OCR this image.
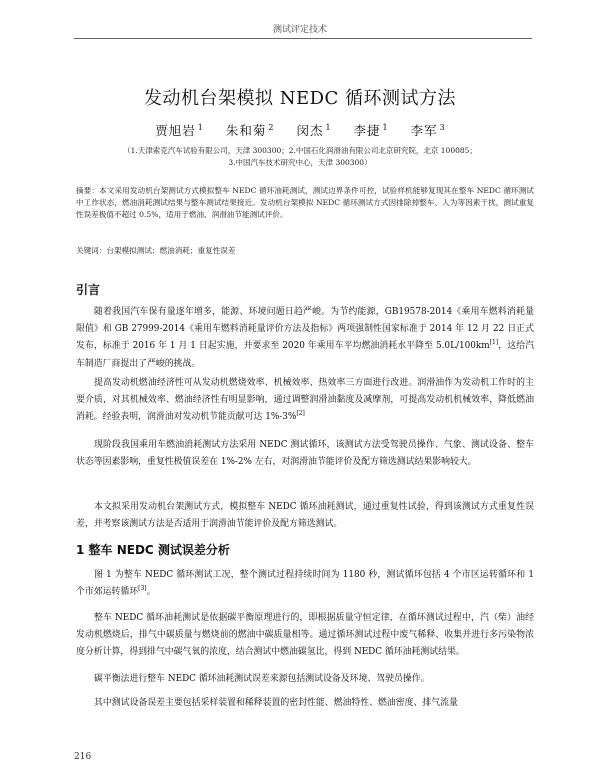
测试评定技术
发动机台架模拟 NEDC 循环测试方法
贾旭岩 $^1$ 朱和菊 $^2$ 闵杰 $^1$ 李捷 $^1$ 李军 $^3$
（1.天津索克汽车试验有限公司，天津 300300；2.中国石化润滑油有限公司北京研究院，北京 100085；
3.中国汽车技术研究中心，天津 300300）
摘要：本文采用发动机台架测试方式模拟整车 NEDC 循环油耗测试，测试边界条件可控，试验样机能够复现其在整车 NEDC 循环测试中工作状态，燃油消耗测试结果与整车测试结果接近。发动机台架模拟 NEDC 循环测试方式因排除掉整车、人为等因素干扰，测试重复性误差极值不超过 0.5%，适用于燃油、润滑油节能测试评价。
关键词：台架模拟测试；燃油消耗；重复性误差
引言

随着我国汽车保有量逐年增多，能源、环境问题日趋严峻。为节约能源，GB19578-2014《乘用车燃料消耗量限值》和 GB 27999-2014《乘用车燃料消耗量评价方法及指标》两项强制性国家标准于 2014 年 12 月 22 日正式发布，标准于 2016 年 1 月 1 日起实施，并要求至 2020 年乘用车平均燃油消耗水平降至 5.0L/100km[1]，这给汽车制造厂商提出了严峻的挑战。

提高发动机燃油经济性可从发动机燃烧效率、机械效率、热效率三方面进行改进。润滑油作为发动机工作时的主要介质，对其机械效率、燃油经济性有明显影响，通过调整润滑油黏度及减摩剂，可提高发动机机械效率，降低燃油消耗。经验表明，润滑油对发动机节能贡献可达 1%-3%[2]

现阶段我国乘用车燃油消耗测试方法采用 NEDC 测试循环，该测试方法受驾驶员操作、气象、测试设备、整车状态等因素影响，重复性极值误差在 1%-2% 左右，对润滑油节能评价及配方筛选测试结果影响较大。

本文拟采用发动机台架测试方式，模拟整车 NEDC 循环油耗测试，通过重复性试验，得到该测试方式重复性误差，并考察该测试方法是否适用于润滑油节能评价及配方筛选测试。

1 整车 NEDC 测试误差分析

图 1 为整车 NEDC 循环测试工况，整个测试过程持续时间为 1180 秒，测试循环包括 4 个市区运转循环和 1 个市郊运转循环[3]。

整车 NEDC 循环油耗测试是依据碳平衡原理进行的，即根据质量守恒定律，在循环测试过程中，汽（柴）油经发动机燃烧后，排气中碳质量与燃烧前的燃油中碳质量相等。通过循环测试过程中废气稀释、收集并进行多污染物浓度分析计算，得到排气中碳气氧的浓度，结合测试中燃油碳氢比，得到 NEDC 循环油耗测试结果。

碳平衡法进行整车 NEDC 循环油耗测试误差来源包括测试设备及环境、驾驶员操作。

其中测试设备误差主要包括采样装置和稀释装置的密封性能、燃油特性、燃油密度、排气流量

216
